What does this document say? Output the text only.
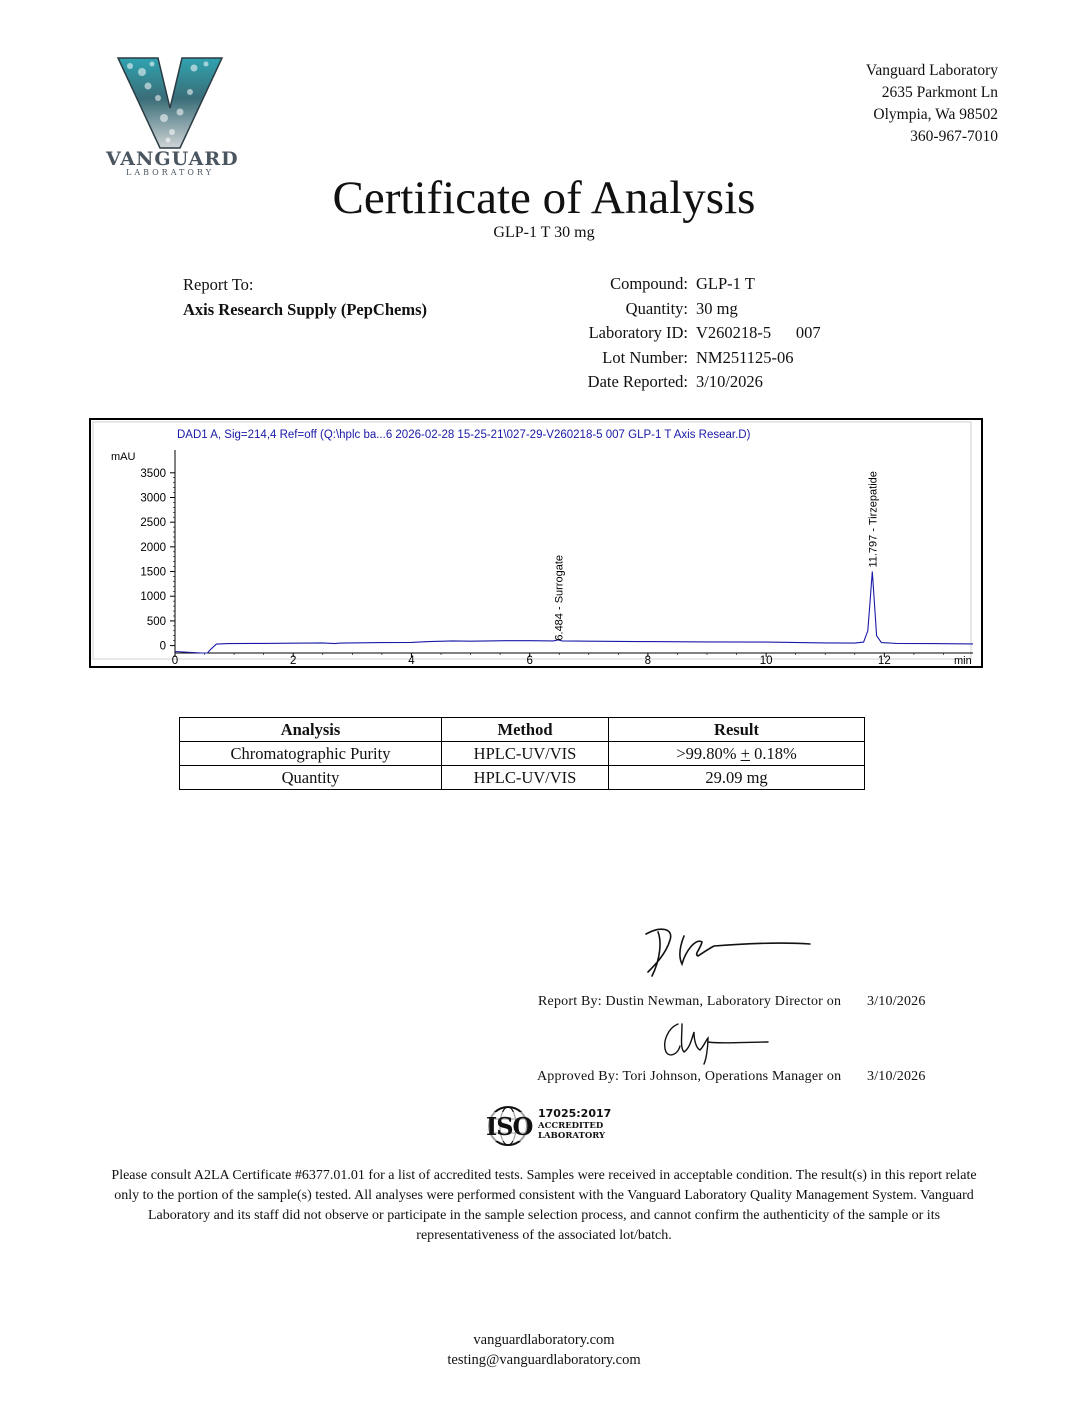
VANGUARD
LABORATORY
Vanguard Laboratory
2635 Parkmont Ln
Olympia, Wa 98502
360-967-7010
Certificate of Analysis
GLP-1 T 30 mg
Report To:
Axis Research Supply (PepChems)
Compound:	GLP-1 T
Quantity:	30 mg
Laboratory ID:	V260218-5      007
Lot Number:	NM251125-06
Date Reported:	3/10/2026
DAD1 A, Sig=214,4 Ref=off (Q:\hplc ba...6 2026-02-28 15-25-21\027-29-V260218-5 007 GLP-1 T Axis Resear.D)
mAU
0
500
1000
1500
2000
2500
3000
3500
0	2	4	6	8	10	12	min
6.484 - Surrogate
11.797 - Tirzepatide
Analysis	Method	Result
Chromatographic Purity	HPLC-UV/VIS	>99.80% + 0.18%
Quantity	HPLC-UV/VIS	29.09 mg
Report By: Dustin Newman, Laboratory Director on 3/10/2026
Approved By: Tori Johnson, Operations Manager on 3/10/2026
ISO 17025:2017
ACCREDITED
LABORATORY
Please consult A2LA Certificate #6377.01.01 for a list of accredited tests. Samples were received in acceptable condition. The result(s) in this report relate only to the portion of the sample(s) tested. All analyses were performed consistent with the Vanguard Laboratory Quality Management System. Vanguard Laboratory and its staff did not observe or participate in the sample selection process, and cannot confirm the authenticity of the sample or its representativeness of the associated lot/batch.
vanguardlaboratory.com
testing@vanguardlaboratory.com
